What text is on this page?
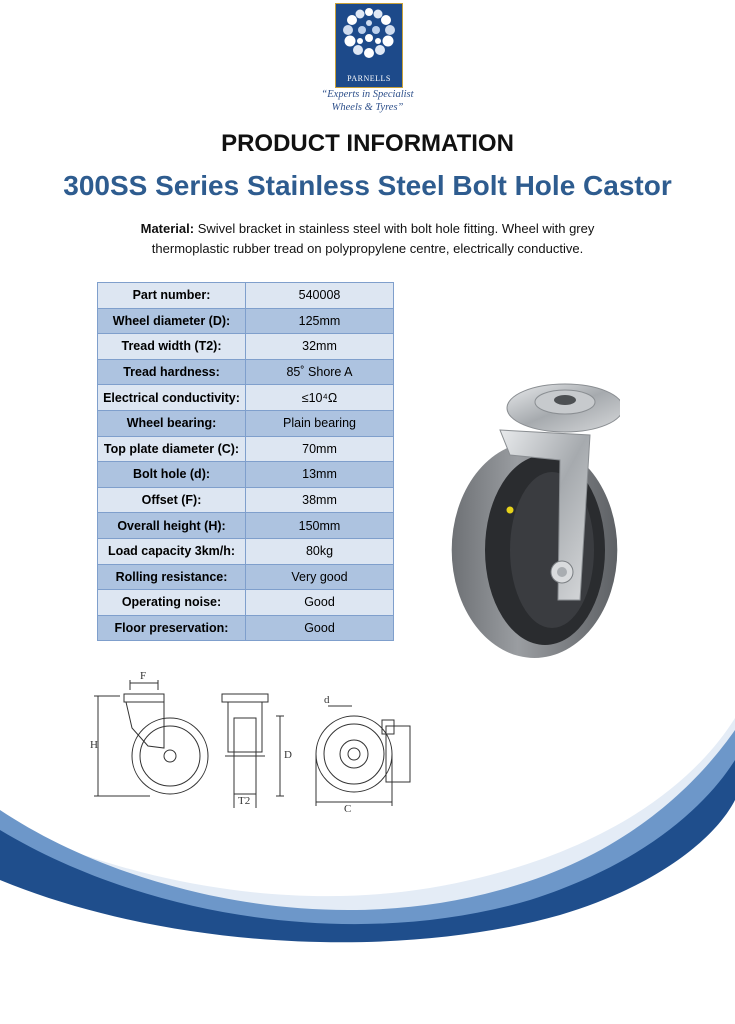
PARNELLS
“Experts in Specialist
Wheels & Tyres”
PRODUCT INFORMATION
300SS Series Stainless Steel Bolt Hole Castor
Material: Swivel bracket in stainless steel with bolt hole fitting. Wheel with grey thermoplastic rubber tread on polypropylene centre, electrically conductive.
Part number:	540008
Wheel diameter (D):	125mm
Tread width (T2):	32mm
Tread hardness:	85˚ Shore A
Electrical conductivity:	≤10⁴Ω
Wheel bearing:	Plain bearing
Top plate diameter (C):	70mm
Bolt hole (d):	13mm
Offset (F):	38mm
Overall height (H):	150mm
Load capacity 3km/h:	80kg
Rolling resistance:	Very good
Operating noise:	Good
Floor preservation:	Good
F
H
D
T2
d
C
